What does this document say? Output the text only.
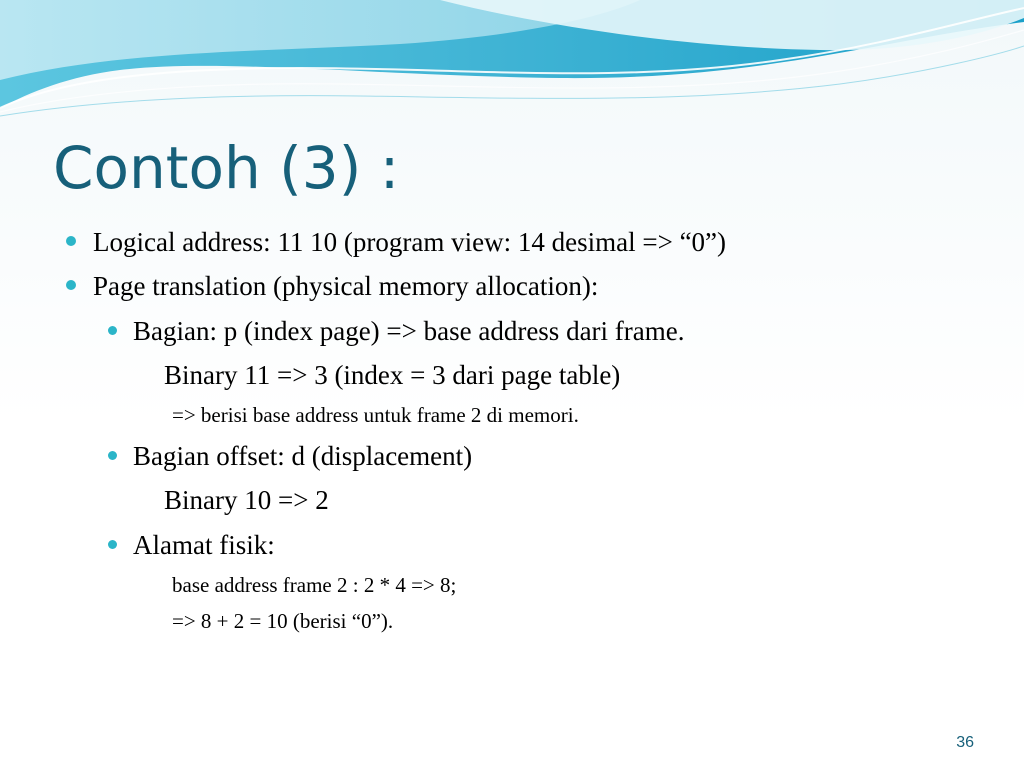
Contoh (3) :
Logical address: 11 10 (program view: 14 desimal => “0”)
Page translation (physical memory allocation):
Bagian: p (index page) => base address dari frame.
Binary 11 => 3 (index = 3 dari page table)
=> berisi base address untuk frame 2 di memori.
Bagian offset: d (displacement)
Binary 10 => 2
Alamat fisik:
base address frame 2 : 2 * 4 => 8;
=> 8 + 2 = 10 (berisi “0”).
36
